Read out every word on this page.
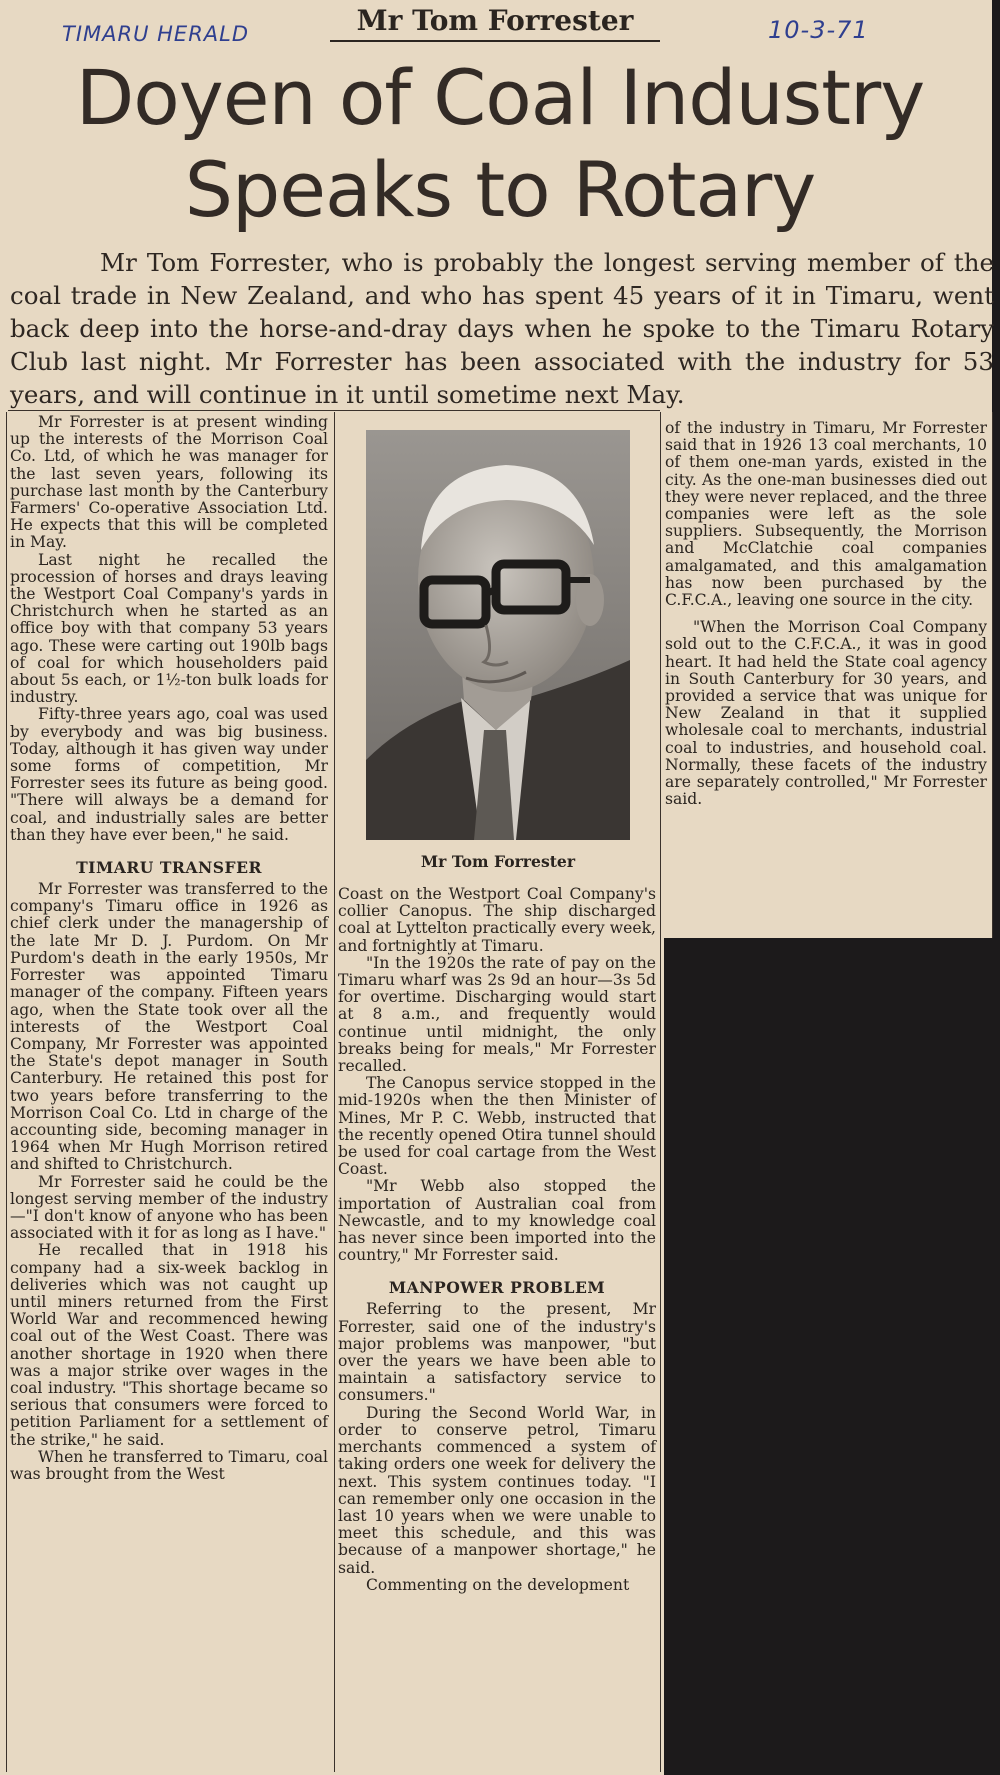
TIMARU HERALD	10-3-71
Mr Tom Forrester
Doyen of Coal Industry
Speaks to Rotary

Mr Tom Forrester, who is probably the longest serving member of the coal trade in New Zealand, and who has spent 45 years of it in Timaru, went back deep into the horse-and-dray days when he spoke to the Timaru Rotary Club last night. Mr Forrester has been associated with the industry for 53 years, and will continue in it until sometime next May.

Mr Forrester is at present winding up the interests of the Morrison Coal Co. Ltd, of which he was manager for the last seven years, following its purchase last month by the Canterbury Farmers' Co-operative Association Ltd. He expects that this will be completed in May.

Last night he recalled the procession of horses and drays leaving the Westport Coal Company's yards in Christchurch when he started as an office boy with that company 53 years ago. These were carting out 190lb bags of coal for which householders paid about 5s each, or 1½-ton bulk loads for industry.

Fifty-three years ago, coal was used by everybody and was big business. Today, although it has given way under some forms of competition, Mr Forrester sees its future as being good. "There will always be a demand for coal, and industrially sales are better than they have ever been," he said.

TIMARU TRANSFER

Mr Forrester was transferred to the company's Timaru office in 1926 as chief clerk under the managership of the late Mr D. J. Purdom. On Mr Purdom's death in the early 1950s, Mr Forrester was appointed Timaru manager of the company. Fifteen years ago, when the State took over all the interests of the Westport Coal Company, Mr Forrester was appointed the State's depot manager in South Canterbury. He retained this post for two years before transferring to the Morrison Coal Co. Ltd in charge of the accounting side, becoming manager in 1964 when Mr Hugh Morrison retired and shifted to Christchurch.

Mr Forrester said he could be the longest serving member of the industry—"I don't know of anyone who has been associated with it for as long as I have."

He recalled that in 1918 his company had a six-week backlog in deliveries which was not caught up until miners returned from the First World War and recommenced hewing coal out of the West Coast. There was another shortage in 1920 when there was a major strike over wages in the coal industry. "This shortage became so serious that consumers were forced to petition Parliament for a settlement of the strike," he said.

When he transferred to Timaru, coal was brought from the West

Mr Tom Forrester

Coast on the Westport Coal Company's collier Canopus. The ship discharged coal at Lyttelton practically every week, and fortnightly at Timaru.

"In the 1920s the rate of pay on the Timaru wharf was 2s 9d an hour—3s 5d for overtime. Discharging would start at 8 a.m., and frequently would continue until midnight, the only breaks being for meals," Mr Forrester recalled.

The Canopus service stopped in the mid-1920s when the then Minister of Mines, Mr P. C. Webb, instructed that the recently opened Otira tunnel should be used for coal cartage from the West Coast.

"Mr Webb also stopped the importation of Australian coal from Newcastle, and to my knowledge coal has never since been imported into the country," Mr Forrester said.

MANPOWER PROBLEM

Referring to the present, Mr Forrester, said one of the industry's major problems was manpower, "but over the years we have been able to maintain a satisfactory service to consumers."

During the Second World War, in order to conserve petrol, Timaru merchants commenced a system of taking orders one week for delivery the next. This system continues today. "I can remember only one occasion in the last 10 years when we were unable to meet this schedule, and this was because of a manpower shortage," he said.

Commenting on the development

of the industry in Timaru, Mr Forrester said that in 1926 13 coal merchants, 10 of them one-man yards, existed in the city. As the one-man businesses died out they were never replaced, and the three companies were left as the sole suppliers. Subsequently, the Morrison and McClatchie coal companies amalgamated, and this amalgamation has now been purchased by the C.F.C.A., leaving one source in the city.

"When the Morrison Coal Company sold out to the C.F.C.A., it was in good heart. It had held the State coal agency in South Canterbury for 30 years, and provided a service that was unique for New Zealand in that it supplied wholesale coal to merchants, industrial coal to industries, and household coal. Normally, these facets of the industry are separately controlled," Mr Forrester said.
